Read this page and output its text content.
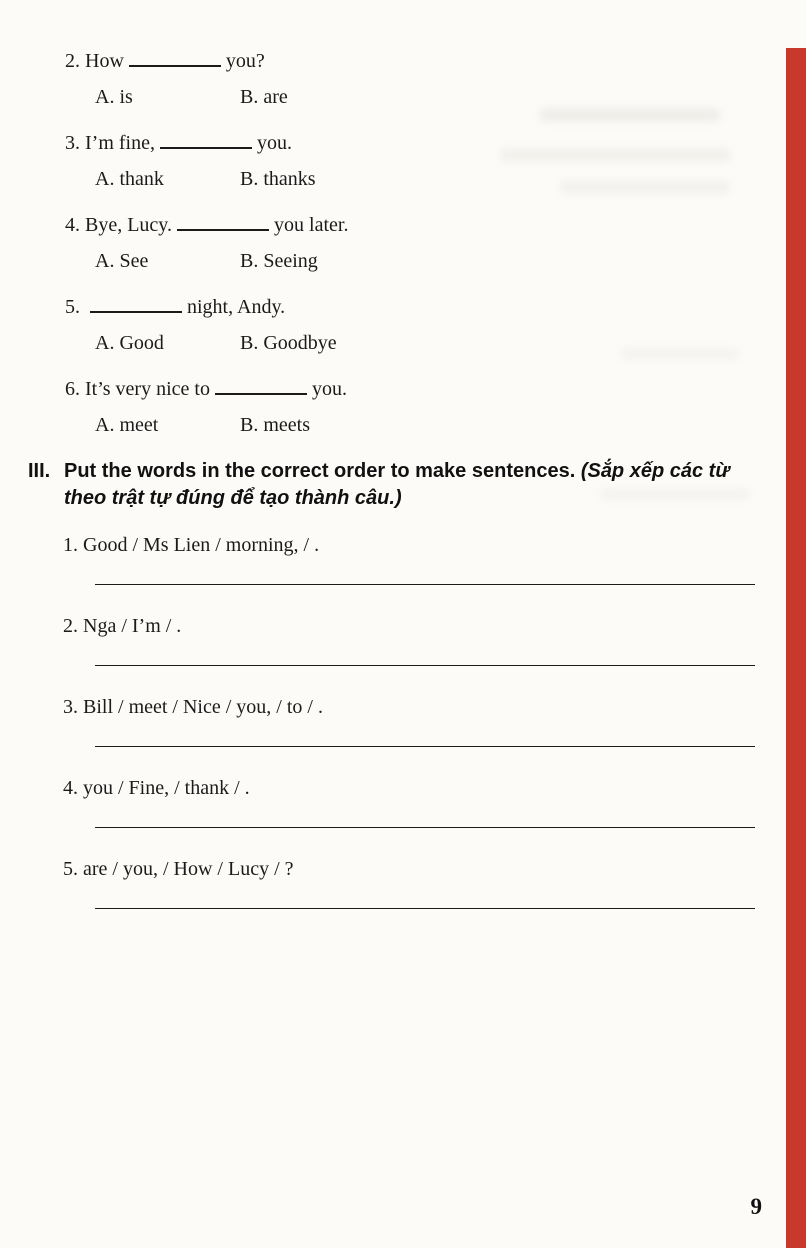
2. How	you?
A. is	B. are
3. I’m fine,	you.
A. thank	B. thanks
4. Bye, Lucy.	you later.
A. See	B. Seeing
5.	night, Andy.
A. Good	B. Goodbye
6. It’s very nice to	you.
A. meet	B. meets
III. Put the words in the correct order to make sentences. (Sắp xếp các từ theo trật tự đúng để tạo thành câu.)
1. Good / Ms Lien / morning, / .
2. Nga / I’m / .
3. Bill / meet / Nice / you, / to / .
4. you / Fine, / thank / .
5. are / you, / How / Lucy / ?
9
